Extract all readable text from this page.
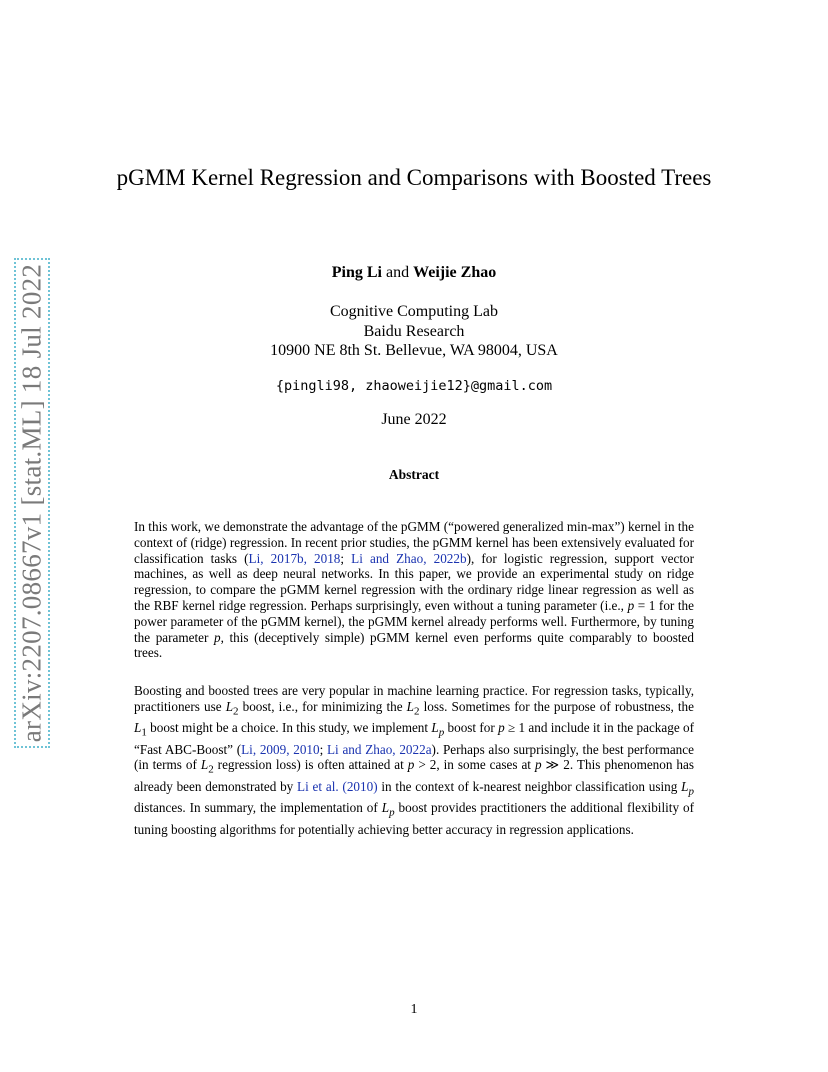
arXiv:2207.08667v1 [stat.ML] 18 Jul 2022
pGMM Kernel Regression and Comparisons with Boosted Trees
Ping Li and Weijie Zhao
Cognitive Computing Lab
Baidu Research
10900 NE 8th St. Bellevue, WA 98004, USA
{pingli98, zhaoweijie12}@gmail.com
June 2022
Abstract

In this work, we demonstrate the advantage of the pGMM (“powered generalized min-max”) kernel in the context of (ridge) regression. In recent prior studies, the pGMM kernel has been extensively evaluated for classification tasks (Li, 2017b, 2018; Li and Zhao, 2022b), for logistic regression, support vector machines, as well as deep neural networks. In this paper, we provide an experimental study on ridge regression, to compare the pGMM kernel regression with the ordinary ridge linear regression as well as the RBF kernel ridge regression. Perhaps surprisingly, even without a tuning parameter (i.e., p = 1 for the power parameter of the pGMM kernel), the pGMM kernel already performs well. Furthermore, by tuning the parameter p, this (deceptively simple) pGMM kernel even performs quite comparably to boosted trees.

Boosting and boosted trees are very popular in machine learning practice. For regression tasks, typically, practitioners use $L_2$ boost, i.e., for minimizing the $L_2$ loss. Sometimes for the purpose of robustness, the $L_1$ boost might be a choice. In this study, we implement $L_p$ boost for p ≥ 1 and include it in the package of “Fast ABC-Boost” (Li, 2009, 2010; Li and Zhao, 2022a). Perhaps also surprisingly, the best performance (in terms of $L_2$ regression loss) is often attained at p > 2, in some cases at p ≫ 2. This phenomenon has already been demonstrated by Li et al. (2010) in the context of k-nearest neighbor classification using $L_p$ distances. In summary, the implementation of $L_p$ boost provides practitioners the additional flexibility of tuning boosting algorithms for potentially achieving better accuracy in regression applications.

1
